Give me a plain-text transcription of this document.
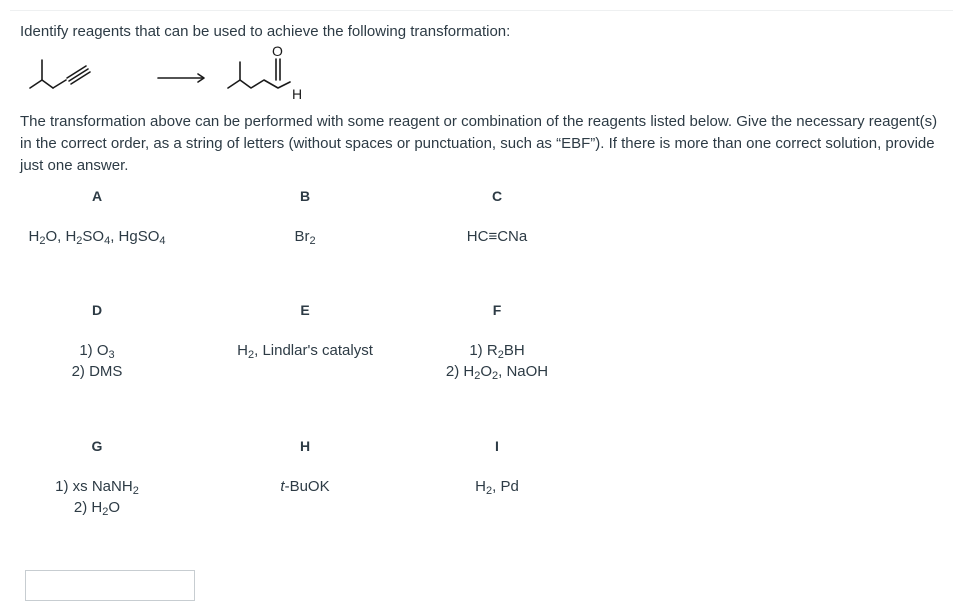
Identify reagents that can be used to achieve the following transformation:
O
H
The transformation above can be performed with some reagent or combination of the reagents listed below. Give the necessary reagent(s) in the correct order, as a string of letters (without spaces or punctuation, such as “EBF”). If there is more than one correct solution, provide just one answer.
A
$H_2O$, $H_2SO_4$, HgSO$_4$
B
$Br_2$
C
HC≡CNa
D
1) $O_3$
2) DMS
E
$H_2$, Lindlar's catalyst
F
1) $R_2BH$
2) $H_2O_2$, NaOH
G
1) xs NaNH$_2$
2) $H_2O$
H
t-BuOK
I
$H_2$, Pd
